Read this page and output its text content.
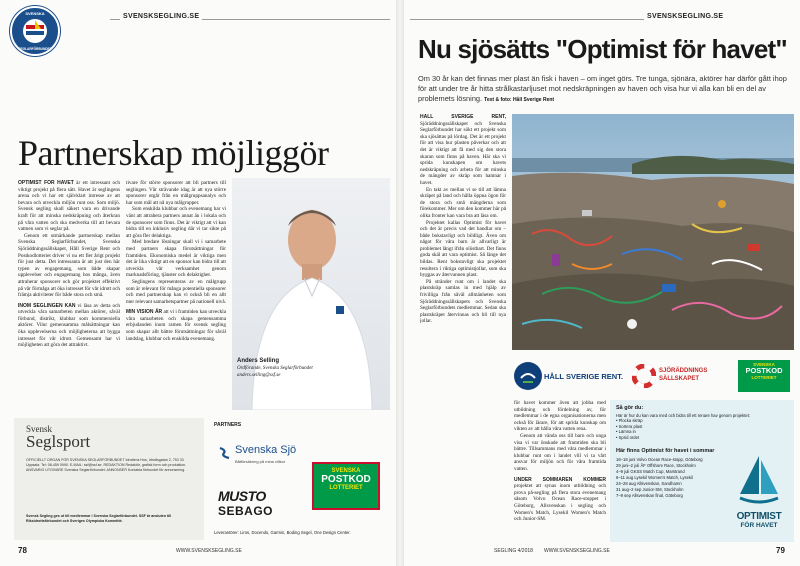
SVENSKSEGLING.SE
SVENSKA
SEGLARFÖRBUNDET
Partnerskap möjliggör

OPTIMIST FÖR HAVET är ett intressant och viktigt projekt på flera sätt. Havet är seglingens arena och vi har ett självklart intresse av att bevara och utveckla miljön runt oss. Som miljö. Svensk segling skall säkert vara en drivande kraft för att minska nedskräpning och återkran på våra vatten och ska medverka till att bevara vattnen som vi seglar på.

Genom ett utmärkande partnerskap mellan Svenska Seglarförbundet, Svenska Sjöräddningssällskapet, Håll Sverige Rent och Postkodlotteriet driver vi nu ett fler årigt projekt för just detta. Det intressanta är att just den här typen av engagemang, som både skapar upplevelser och engagemang hos många, även attraherar sponsorer och gör projektet effektivt på vår förmåga att öka intresset för vår idrott och främja aktiviteter för både stora och små.

INOM SEGLINGEN KAN vi läsa av detta och utveckla våra samarbeten mellan aktörer, såväl förbund, distrikt, klubbar som kommersiella aktörer. Vilur gemensamma målsättningar kan öka upplevelserna och möjligheterna att bygga intresset för vår idrott. Gemensamt har vi möjligheten att göra det attraktivt.

tivare för större sponsorer att bli partners till seglingen. Vår strävande idag är att nya större sponsorer utgår från en målgruppsanalys och har som mål att nå nya målgrupper.

Som enskilda klubbar och evenemang har vi vänt att attrahera partners annat än i lokala och de sponsorer som finns. Det är viktigt att vi kan bidra till en inklusiv segling där vi tar sikte på att göra fler delaktiga.

Med bredare lösningar skall vi i samarbete med partners skapa förutsättningar för framtiden. Ekonomiska medel är viktiga men det är lika viktigt att en sponsor kan bidra till att utveckla vår verksamhet genom marknadsföring, tjänster och delaktighet.

Seglingens representeras av en målgrupp som är relevant för många potentiella sponsorer och med partnerskap kan vi också bli en allt mer relevant samarbetspartner på nationell nivå.

MIN VISION ÄR att vi i framtiden kan utveckla våra samarbeten och skapa gemensamma erbjudanden inom ramen för svensk segling som skapar allt bättre förutsättningar för såväl landslag, klubbar och enskilda evenemang.

Anders Selling
Ordförande, Svenska Seglarförbundet
anders.selling@ssf.se
Svensk
Seglsport
OFFICIELLT ORGAN FÖR SVENSKA SEGLARFÖRBUNDET Idrottens Hus, Idrottsgatan 2, 753 33 Uppsala. Tel: 08-459 0990. E-MAIL: ssf@ssf.se. REDAKTION Redaktör, grafisk form och produktion. ANSVARIG UTGIVARE Svenska Seglarförbundet. ANNONSER Kontakta förbundet för annonsering.
Svensk Segling ges ut till medlemmar i Svenska Seglarförbundet. SSF är ansluten till Riksidrottsförbundet och Sveriges Olympiska Kommitté.
PARTNERS
Svenska Sjö
Båtförsäkring på mina villkor
MUSTO
SEBAGO
SVENSKA
POSTKOD
LOTTERIET
Leverantörer: Liros, Docendo, Garmin, Boding Segel, One Design Center.
78	WWW.SVENSKSEGLING.SE
SVENSKSEGLING.SE
Nu sjösätts "Optimist för havet"
Om 30 år kan det finnas mer plast än fisk i haven – om inget görs. Tre tunga, sjönära, aktörer har därför gått ihop för att under tre år hitta strålkastarljuset mot nedskräpningen av haven och visa hur vi alla kan bli en del av problemets lösning. Text & foto: Håll Sverige Rent

HÅLL SVERIGE RENT, Sjöräddningssällskapet och Svenska Seglarförbundet har sökt ett projekt som ska sjösättas på lördag. Det är ett projekt för att visa hur plasten påverkar och att det är viktigt att få med sig den stora skaran som finns på haven. Här ska vi sprida kunskapen om havets nedskräpning och arbeta för att minska de mängder av skräp som hamnar i havet.

En takt av mellan vi se till att lämna skräpet på land och hålla öppna ögon för de stora och små mängderna som förekommer. Mer om den kommer här på olika fronter kan vara bra att läsa om.

Projektet kallas Optimist för havet och det är precis vad det handlar om – både bokstavligt och bildligt. Även om något för våra barn är allvarligt är problemet långt ifrån olöstbart. Det finns goda skäl att vara optimist. Så länge det bildas. Rent bokstavligt ska projektet resultera i riktiga optimistjollar, som ska byggas av återvunnen plast.

På stränder runt om i landet ska plastskräp samlas in med hjälp av frivilliga från såväl allmänheten som Sjöräddningssällskapets och Svenska Seglarförbundets medlemmar. Sedan ska plastskräpet återvinnas och bli till nya jollar.

HÅLL SVERIGE RENT.
SJÖRÄDDNINGS
SÄLLSKAPET
SVENSKA
POSTKOD
LOTTERIET

för havet kommer även att jobba med utbildning och fördelning av, för medlemmar i de egna organisationerna men också för lärare, för att sprida kunskap om vikten av att hålla våra vatten rena.

Genom att vända oss till barn och unga visa vi var önskade att framtiden ska bli bättre. Tillsammans med våra medlemmar i klubbar runt om i landet vill vi ta vårt ansvar för miljön och för våra framtida vatten.

UNDER SOMMAREN KOMMER projektet att synas inom utbildning och prova på-segling på flera stora evenemang såsom Volvo Ocean Race-stoppet i Göteborg, Allsvenskan i segling och Women's Match, Lysekil Women's Match och Junior-SM.

Så gör du:
Här är hur du kan vara med och bidra till ett renare hav genom projektet:
• Plocka skräp
• Sortera plast
• Lämna in
• Sprid ordet
Här finns Optimist för havet i sommar
16–18 juni Volvo Ocean Race-stopp, Göteborg
29 juni–2 juli ÅF Offshore Race, Stockholm
4–9 juli GKSS Match Cup, Marstrand
6–11 aug Lysekil Women's Match, Lysekil
24–28 aug Allsvenskan, Sandhamn
31 aug–2 sep Junior-SM, Stockholm
7–9 sep Allsvenskan final, Göteborg
OPTIMIST
FÖR HAVET
SEGLING 4/2018 WWW.SVENSKSEGLING.SE	79
